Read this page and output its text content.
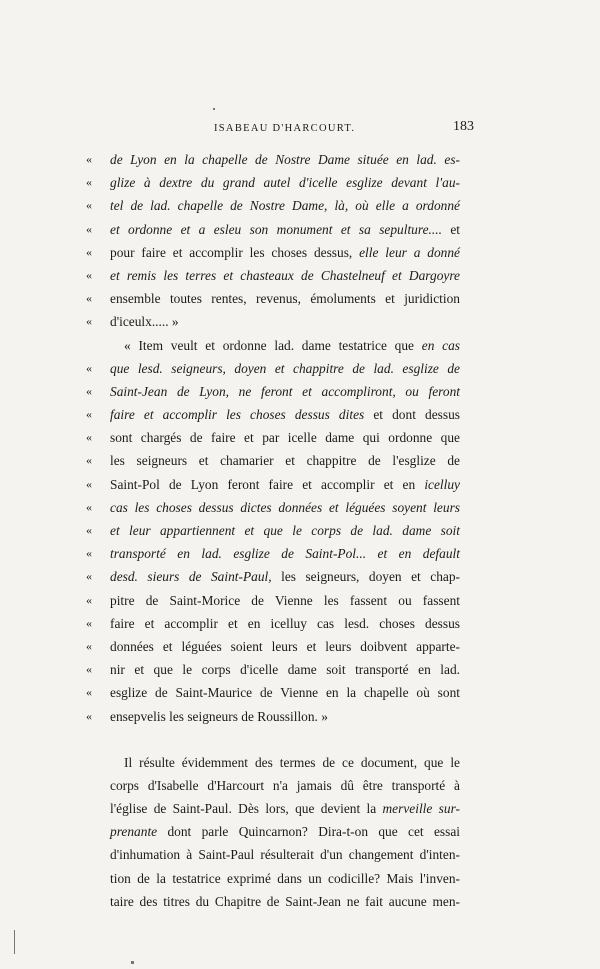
ISABEAU D'HARCOURT.	183
« de Lyon en la chapelle de Nostre Dame située en lad. es-
« glize à dextre du grand autel d'icelle esglize devant l'au-
« tel de lad. chapelle de Nostre Dame, là, où elle a ordonné
« et ordonne et a esleu son monument et sa sepulture.... et
« pour faire et accomplir les choses dessus, elle leur a donné
« et remis les terres et chasteaux de Chastelneuf et Dargoyre
« ensemble toutes rentes, revenus, émoluments et juridiction
« d'iceulx..... »
« Item veult et ordonne lad. dame testatrice que en cas
« que lesd. seigneurs, doyen et chappitre de lad. esglize de
« Saint-Jean de Lyon, ne feront et accompliront, ou feront
« faire et accomplir les choses dessus dites et dont dessus
« sont chargés de faire et par icelle dame qui ordonne que
« les seigneurs et chamarier et chappitre de l'esglize de
« Saint-Pol de Lyon feront faire et accomplir et en icelluy
« cas les choses dessus dictes données et léguées soyent leurs
« et leur appartiennent et que le corps de lad. dame soit
« transporté en lad. esglize de Saint-Pol... et en default
« desd. sieurs de Saint-Paul, les seigneurs, doyen et chap-
« pitre de Saint-Morice de Vienne les fassent ou fassent
« faire et accomplir et en icelluy cas lesd. choses dessus
« données et léguées soient leurs et leurs doibvent apparte-
« nir et que le corps d'icelle dame soit transporté en lad.
« esglize de Saint-Maurice de Vienne en la chapelle où sont
« ensepvelis les seigneurs de Roussillon. »
Il résulte évidemment des termes de ce document, que le
corps d'Isabelle d'Harcourt n'a jamais dû être transporté à
l'église de Saint-Paul. Dès lors, que devient la merveille sur-
prenante dont parle Quincarnon? Dira-t-on que cet essai
d'inhumation à Saint-Paul résulterait d'un changement d'inten-
tion de la testatrice exprimé dans un codicille? Mais l'inven-
taire des titres du Chapitre de Saint-Jean ne fait aucune men-
